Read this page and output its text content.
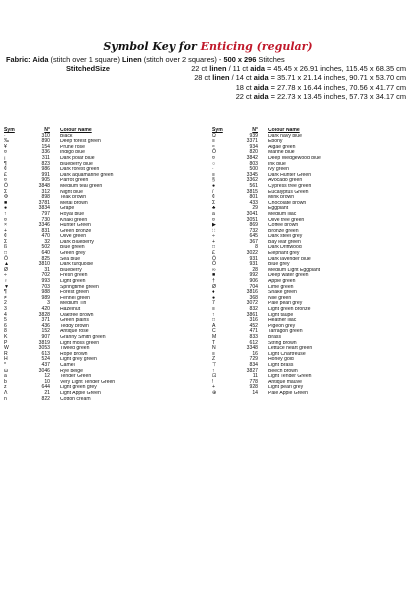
Symbol Key for Enticing (regular)
Fabric: Aida (stitch over 1 square) Linen (stitch over 2 squares) - 500 x 296 Stitches
StitchedSize	22 ct linen / 11 ct aida = 45.45 x 26.91 inches, 115.45 x 68.35 cm
28 ct linen / 14 ct aida = 35.71 x 21.14 inches, 90.71 x 53.70 cm
18 ct aida = 27.78 x 16.44 inches, 70.56 x 41.77 cm
22 ct aida = 22.73 x 13.45 inches, 57.73 x 34.17 cm
Sym	N°	Colour Name
·	310	Black
‰	890	Deep forest green
¥	154	Prune rose
¤	336	Indigo blue
¡	311	Dark polar blue
¶	823	Blueberry blue
¢	986	Dark forest green
£	991	Dark aquamarine green
¤	905	Parrot green
Ö	3848	Medium teal green
Σ	312	Night blue
Φ	898	Teak brown
■	3781	Metal brown
●	3834	Grape
↑	797	Royal blue
¤	730	Khaki green
×	3346	Hunter Green
+	831	Green bronze
¢	470	Olive green
Σ	32	Dark Blueberry
ß	502	Blue green
□	640	Green grey
Ô	825	Sea blue
▲	3810	Dark turquoise
Ø	31	Blueberry
÷	702	Fresh green
♀	993	Light green
▼	703	Springtime green
¶	988	Forest green
≠	989	Fennel green
2	3	Medium Tin
3	420	Hazelnut
4	3828	Oaktree brown
5	371	Green plains
6	436	Teddy brown
8	152	Antique rose
K	907	Granny Smith green
P	3819	Light moss green
W	3053	Tweed green
R	613	Rope brown
H	524	Light grey green
*	437	Camel
ω	3046	Rye beige
a	12	Tender Green
b	10	Very Light Tender Green
z	644	Light green grey
Λ	21	Light Apple Green
n	822	Cotton cream
Sym	N°	Colour Name
Ω	939	Dark navy blue
≡	3371	Ebony
≈	934	Algae green
Ô	820	Marine blue
¤	3842	Deep Wedgewood blue
○	803	Ink blue
·	500	Ivy green
≡	3345	Dark Hunter Green
§	3362	Avocado green
●	561	Cypress tree green
/	3815	Eucalyptus Green
¢	801	Mink brown
Σ	433	Chocolate brown
♣	29	Eggplant
a	3041	Medium lilac
¤	3051	Olive tree green
▶	869	Coffee brown
∷	732	Bronze green
÷	645	Dark steel grey
+	367	Bay leaf green
□	8	Dark Driftwood
£	3022	Elephant grey
Ö	931	Dark lavender blue
Ö	931	Blue grey
∞	28	Medium Light Eggplant
■	992	Deep water green
†	906	Apple green
Ø	704	Lime green
♦	3816	Snake green
●	368	Nile green
7	3072	Pale pearl grey
≡	832	Light green bronze
↑	3861	Light taupe
□	316	Heather lilac
A	452	Pigeon grey
C	471	Tarragon green
M	833	Brass
T	612	String brown
N	3348	Lettuce heart green
≡	16	Light Chartreuse
Z	729	Honey gold
⊤	834	Light Brass
↑	3827	Beech brown
⊡	11	Light Tender Green
!	778	Antique mauve
+	928	Light pearl grey
⊕	14	Pale Apple Green
